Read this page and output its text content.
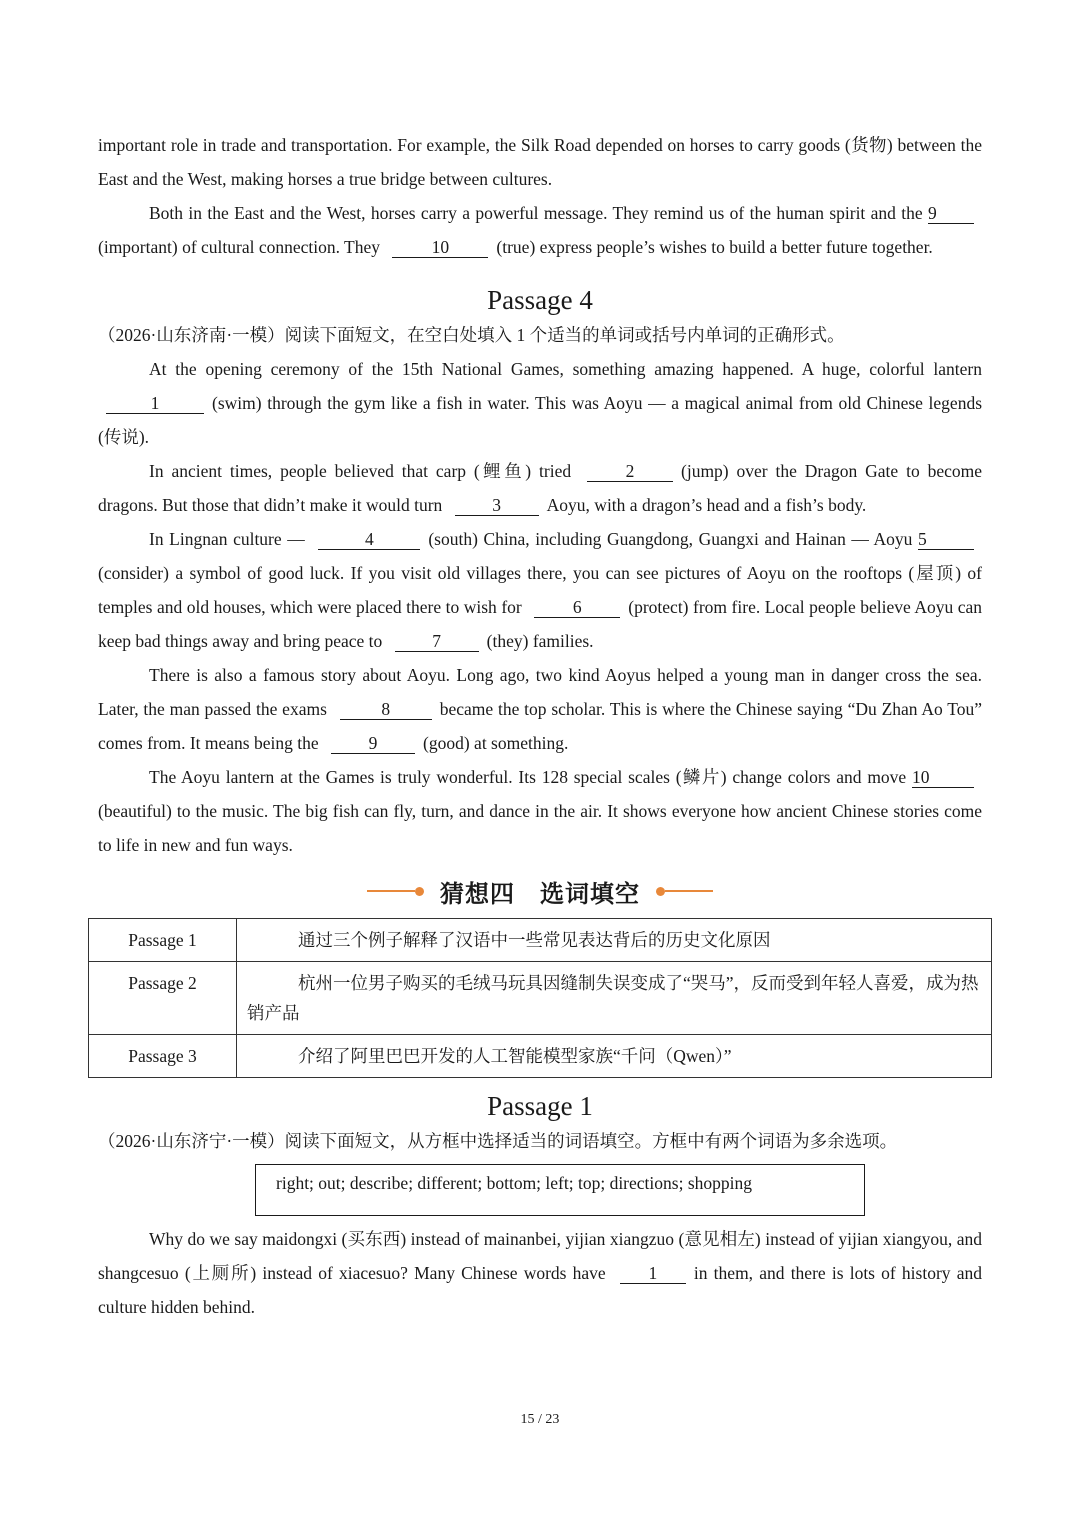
important role in trade and transportation. For example, the Silk Road depended on horses to carry goods (货物) between the East and the West, making horses a true bridge between cultures.

Both in the East and the West, horses carry a powerful message. They remind us of the human spirit and the 9(important) of cultural connection. They	10	(true) express people’s wishes to build a better future together.

Passage 4

（2026·山东济南·一模）阅读下面短文，在空白处填入 1 个适当的单词或括号内单词的正确形式。

At the opening ceremony of the 15th National Games, something amazing happened. A huge, colorful lantern 1	(swim) through the gym like a fish in water. This was Aoyu — a magical animal from old Chinese legends (传说).

In ancient times, people believed that carp (鲤鱼) tried	2	(jump) over the Dragon Gate to become dragons. But those that didn’t make it would turn	3	Aoyu, with a dragon’s head and a fish’s body.

In Lingnan culture —	4	(south) China, including Guangdong, Guangxi and Hainan — Aoyu 5(consider) a symbol of good luck. If you visit old villages there, you can see pictures of Aoyu on the rooftops (屋顶) of temples and old houses, which were placed there to wish for	6	(protect) from fire. Local people believe Aoyu can keep bad things away and bring peace to	7	(they) families.

There is also a famous story about Aoyu. Long ago, two kind Aoyus helped a young man in danger cross the sea. Later, the man passed the exams	8	became the top scholar. This is where the Chinese saying “Du Zhan Ao Tou” comes from. It means being the	9	(good) at something.

The Aoyu lantern at the Games is truly wonderful. Its 128 special scales (鳞片) change colors and move 10(beautiful) to the music. The big fish can fly, turn, and dance in the air. It shows everyone how ancient Chinese stories come to life in new and fun ways.

猜想四　选词填空
Passage 1	通过三个例子解释了汉语中一些常见表达背后的历史文化原因
Passage 2	杭州一位男子购买的毛绒马玩具因缝制失误变成了“哭马”，反而受到年轻人喜爱，成为热销产品
Passage 3	介绍了阿里巴巴开发的人工智能模型家族“千问（Qwen）”
Passage 1

（2026·山东济宁·一模）阅读下面短文，从方框中选择适当的词语填空。方框中有两个词语为多余选项。

right; out; describe; different; bottom; left; top; directions; shopping

Why do we say maidongxi (买东西) instead of mainanbei, yijian xiangzuo (意见相左) instead of yijian xiangyou, and shangcesuo (上厕所) instead of xiacesuo? Many Chinese words have 1 in them, and there is lots of history and culture hidden behind.

15 / 23
